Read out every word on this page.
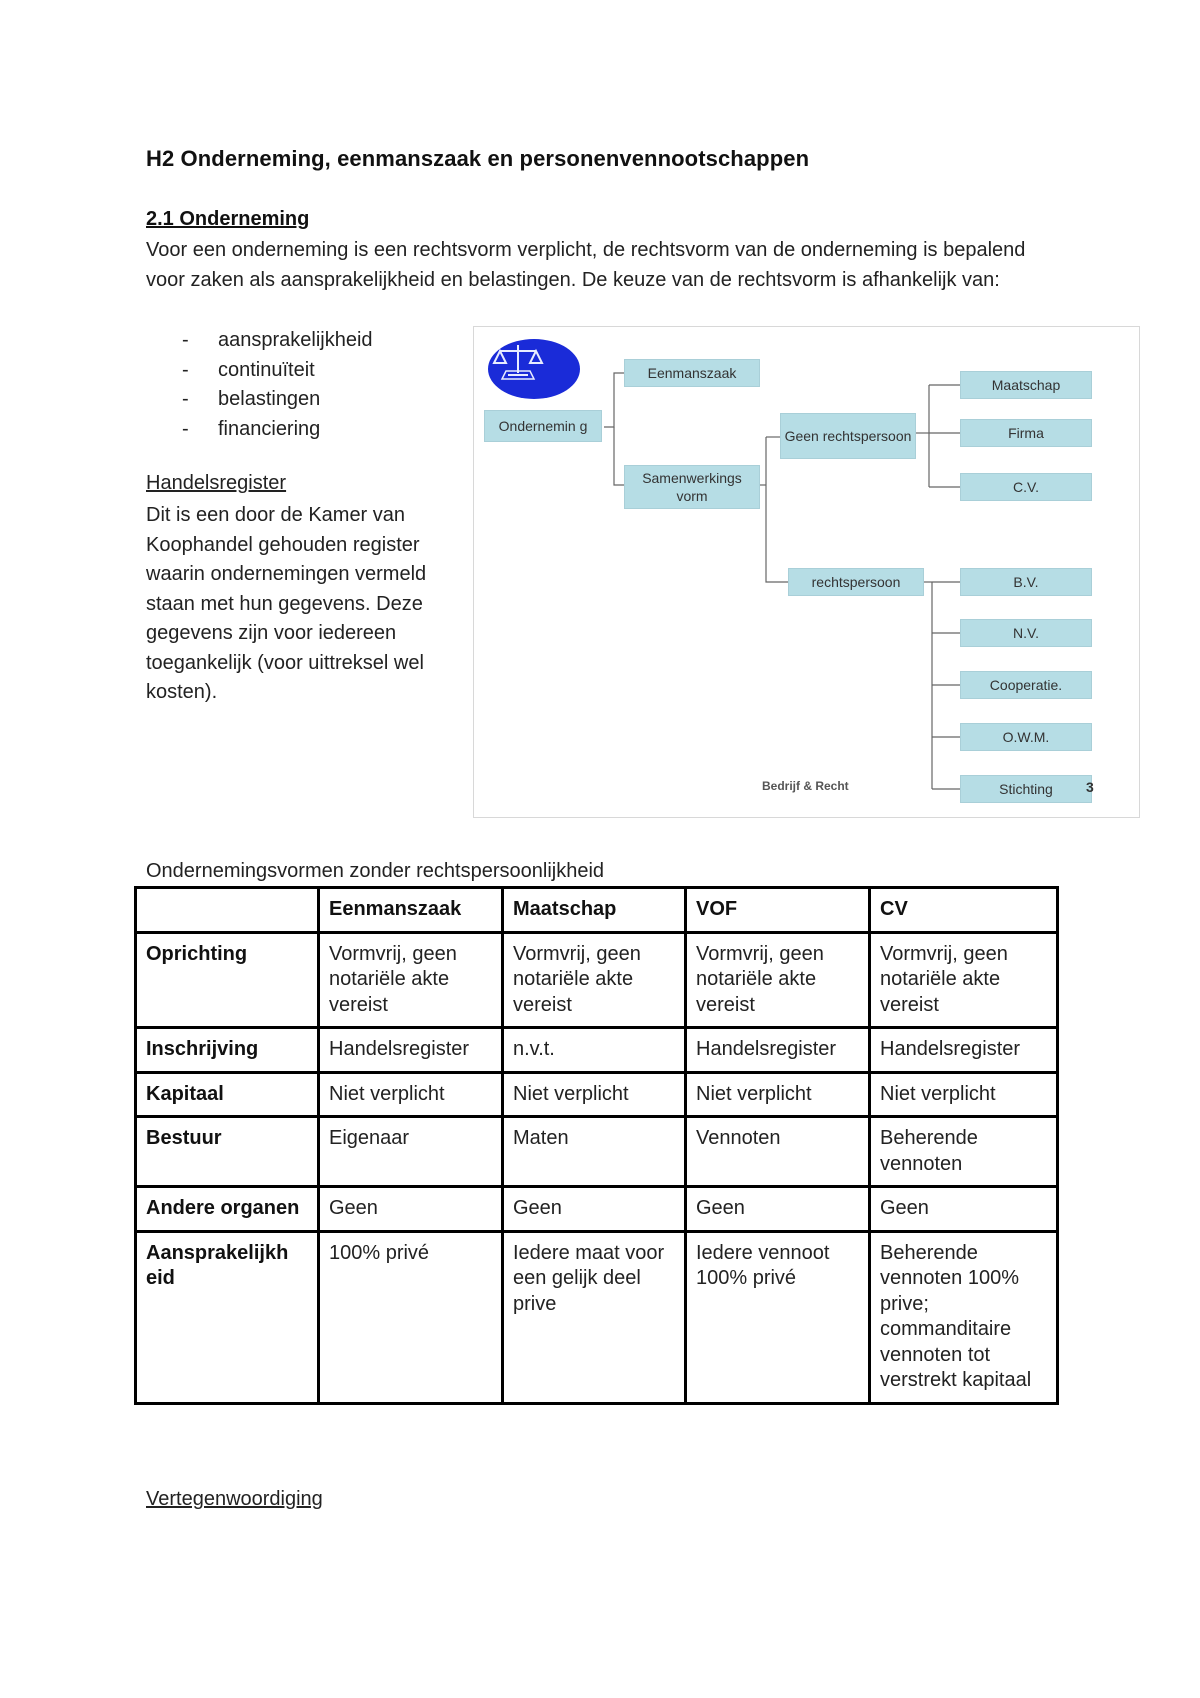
H2 Onderneming, eenmanszaak en personenvennootschappen
2.1 Onderneming

Voor een onderneming is een rechtsvorm verplicht, de rechtsvorm van de onderneming is bepalend voor zaken als aansprakelijkheid en belastingen. De keuze van de rechtsvorm is afhankelijk van:

- aansprakelijkheid
- continuïteit
- belastingen
- financiering
Handelsregister
Dit is een door de Kamer van Koophandel gehouden register waarin ondernemingen vermeld staan met hun gegevens. Deze gegevens zijn voor iedereen toegankelijk (voor uittreksel wel kosten).
Ondernemin g
Eenmanszaak
Samenwerkings vorm
Geen rechtspersoon
rechtspersoon
Maatschap
Firma
C.V.
B.V.
N.V.
Cooperatie.
O.W.M.
Stichting
Bedrijf & Recht	3
Ondernemingsvormen zonder rechtspersoonlijkheid
	Eenmanszaak	Maatschap	VOF	CV
Oprichting	Vormvrij, geen notariële akte vereist	Vormvrij, geen notariële akte vereist	Vormvrij, geen notariële akte vereist	Vormvrij, geen notariële akte vereist
Inschrijving	Handelsregister	n.v.t.	Handelsregister	Handelsregister
Kapitaal	Niet verplicht	Niet verplicht	Niet verplicht	Niet verplicht
Bestuur	Eigenaar	Maten	Vennoten	Beherende vennoten
Andere organen	Geen	Geen	Geen	Geen
Aansprakelijkh eid	100% privé	Iedere maat voor een gelijk deel prive	Iedere vennoot 100% privé	Beherende vennoten 100% prive; commanditaire vennoten tot verstrekt kapitaal
Vertegenwoordiging
